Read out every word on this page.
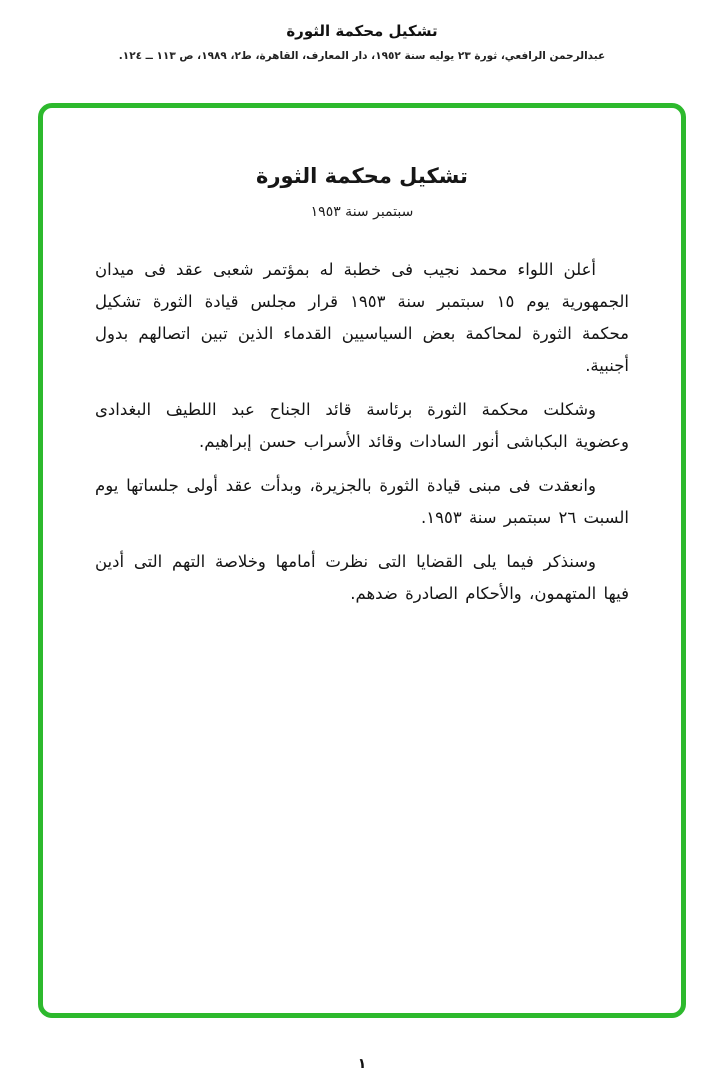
تشكيل محكمة الثورة
عبدالرحمن الرافعي، ثورة ٢٣ يوليه سنة ١٩٥٢، دار المعارف، القاهرة، ط٢، ١٩٨٩، ص ١١٣ ــ ١٢٤.
تشكيل محكمة الثورة
سبتمبر سنة ١٩٥٣

أعلن اللواء محمد نجيب فى خطبة له بمؤتمر شعبى عقد فى ميدان الجمهورية يوم ١٥ سبتمبر سنة ١٩٥٣ قرار مجلس قيادة الثورة تشكيل محكمة الثورة لمحاكمة بعض السياسيين القدماء الذين تبين اتصالهم بدول أجنبية.

وشكلت محكمة الثورة برئاسة قائد الجناح عبد اللطيف البغدادى وعضوية البكباشى أنور السادات وقائد الأسراب حسن إبراهيم.

وانعقدت فى مبنى قيادة الثورة بالجزيرة، وبدأت عقد أولى جلساتها يوم السبت ٢٦ سبتمبر سنة ١٩٥٣.

وسنذكر فيما يلى القضايا التى نظرت أمامها وخلاصة التهم التى أدين فيها المتهمون، والأحكام الصادرة ضدهم.

١
